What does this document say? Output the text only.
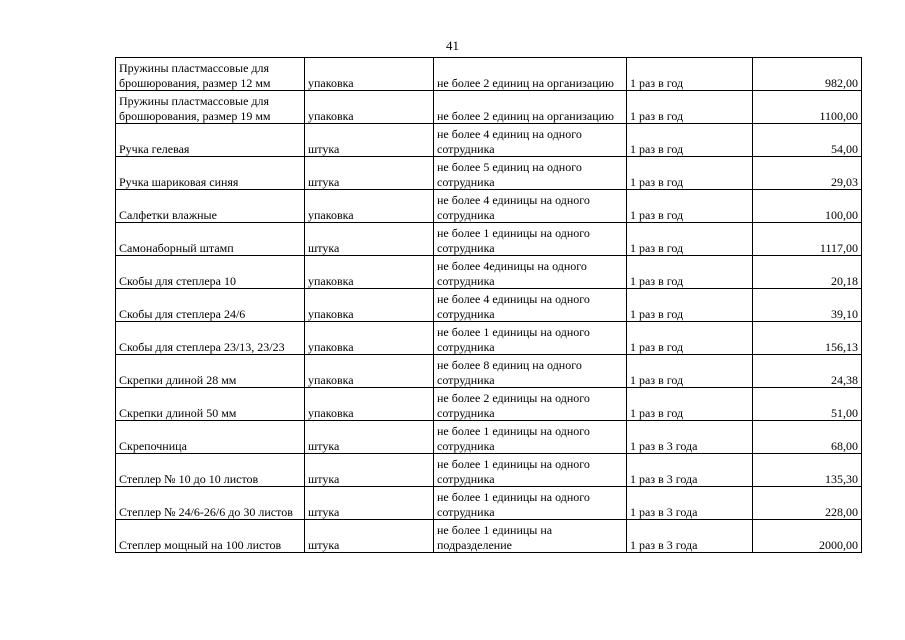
41
Пружины пластмассовые для брошюрования, размер 12 мм	упаковка	не более 2 единиц на организацию	1 раз в год	982,00
Пружины пластмассовые для брошюрования, размер 19 мм	упаковка	не более 2 единиц на организацию	1 раз в год	1100,00
Ручка гелевая	штука	не более 4 единиц на одного сотрудника	1 раз в год	54,00
Ручка шариковая синяя	штука	не более 5 единиц на одного сотрудника	1 раз в год	29,03
Салфетки влажные	упаковка	не более 4 единицы на одного сотрудника	1 раз в год	100,00
Самонаборный штамп	штука	не более 1 единицы на одного сотрудника	1 раз в год	1117,00
Скобы для степлера 10	упаковка	не более 4единицы на одного сотрудника	1 раз в год	20,18
Скобы для степлера 24/6	упаковка	не более 4 единицы на одного сотрудника	1 раз в год	39,10
Скобы для степлера 23/13, 23/23	упаковка	не более 1 единицы на одного сотрудника	1 раз в год	156,13
Скрепки длиной 28 мм	упаковка	не более 8 единиц на одного сотрудника	1 раз в год	24,38
Скрепки длиной 50 мм	упаковка	не более 2 единицы на одного сотрудника	1 раз в год	51,00
Скрепочница	штука	не более 1 единицы на одного сотрудника	1 раз в 3 года	68,00
Степлер № 10 до 10 листов	штука	не более 1 единицы на одного сотрудника	1 раз в 3 года	135,30
Степлер № 24/6-26/6 до 30 листов	штука	не более 1 единицы на одного сотрудника	1 раз в 3 года	228,00
Степлер мощный на 100 листов	штука	не более 1 единицы на подразделение	1 раз в 3 года	2000,00
